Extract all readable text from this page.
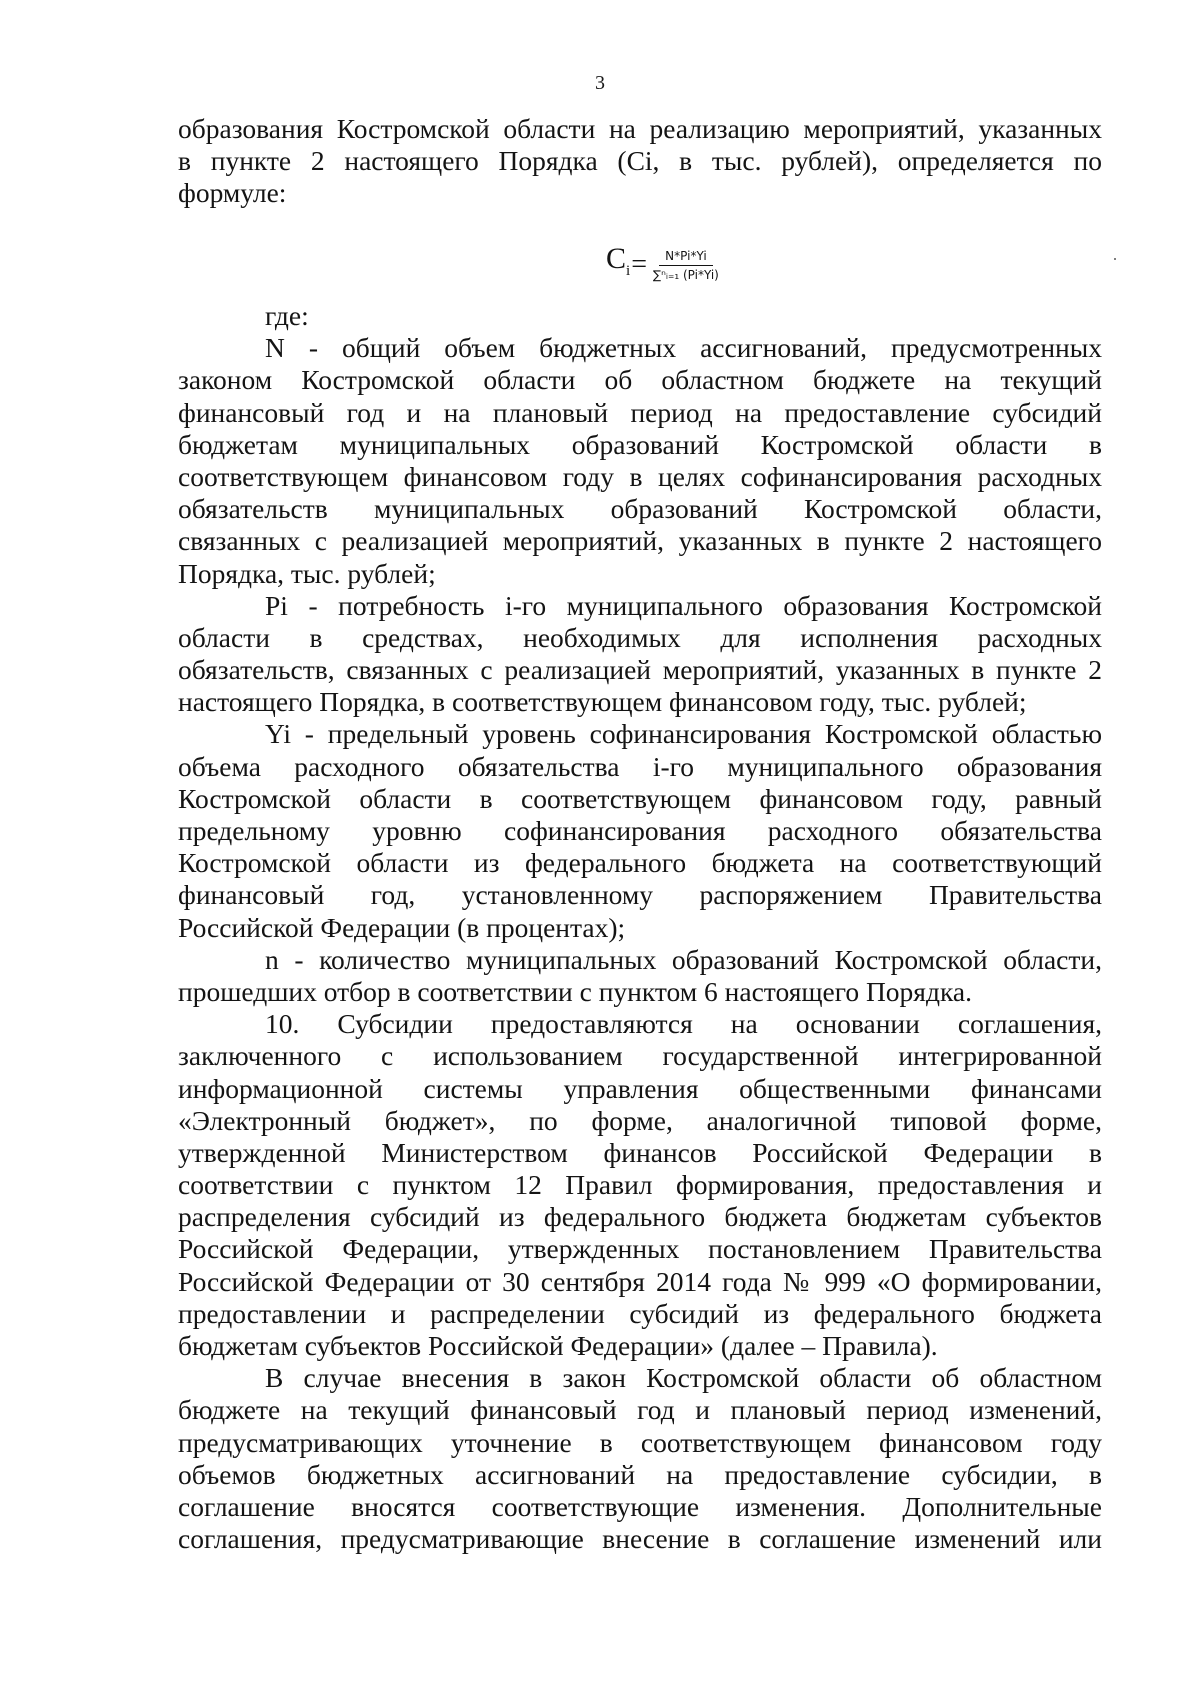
3
образования Костромской области на реализацию мероприятий, указанных
в пункте 2 настоящего Порядка (Сi, в тыс. рублей), определяется по
формуле:
$C_i = \frac{N*Pi*Yi}{\text{∑ⁿᵢ₌₁ (Pi*Yi)}}$
где:
N - общий объем бюджетных ассигнований, предусмотренных
законом Костромской области об областном бюджете на текущий
финансовый год и на плановый период на предоставление субсидий
бюджетам муниципальных образований Костромской области в
соответствующем финансовом году в целях софинансирования расходных
обязательств муниципальных образований Костромской области,
связанных с реализацией мероприятий, указанных в пункте 2 настоящего
Порядка, тыс. рублей;
Pi - потребность i-го муниципального образования Костромской
области в средствах, необходимых для исполнения расходных
обязательств, связанных с реализацией мероприятий, указанных в пункте 2
настоящего Порядка, в соответствующем финансовом году, тыс. рублей;
Yi - предельный уровень софинансирования Костромской областью
объема расходного обязательства i-го муниципального образования
Костромской области в соответствующем финансовом году, равный
предельному уровню софинансирования расходного обязательства
Костромской области из федерального бюджета на соответствующий
финансовый год, установленному распоряжением Правительства
Российской Федерации (в процентах);
n - количество муниципальных образований Костромской области,
прошедших отбор в соответствии с пунктом 6 настоящего Порядка.
10. Субсидии предоставляются на основании соглашения,
заключенного с использованием государственной интегрированной
информационной системы управления общественными финансами
«Электронный бюджет», по форме, аналогичной типовой форме,
утвержденной Министерством финансов Российской Федерации в
соответствии с пунктом 12 Правил формирования, предоставления и
распределения субсидий из федерального бюджета бюджетам субъектов
Российской Федерации, утвержденных постановлением Правительства
Российской Федерации от 30 сентября 2014 года № 999 «О формировании,
предоставлении и распределении субсидий из федерального бюджета
бюджетам субъектов Российской Федерации» (далее – Правила).
В случае внесения в закон Костромской области об областном
бюджете на текущий финансовый год и плановый период изменений,
предусматривающих уточнение в соответствующем финансовом году
объемов бюджетных ассигнований на предоставление субсидии, в
соглашение вносятся соответствующие изменения. Дополнительные
соглашения, предусматривающие внесение в соглашение изменений или
